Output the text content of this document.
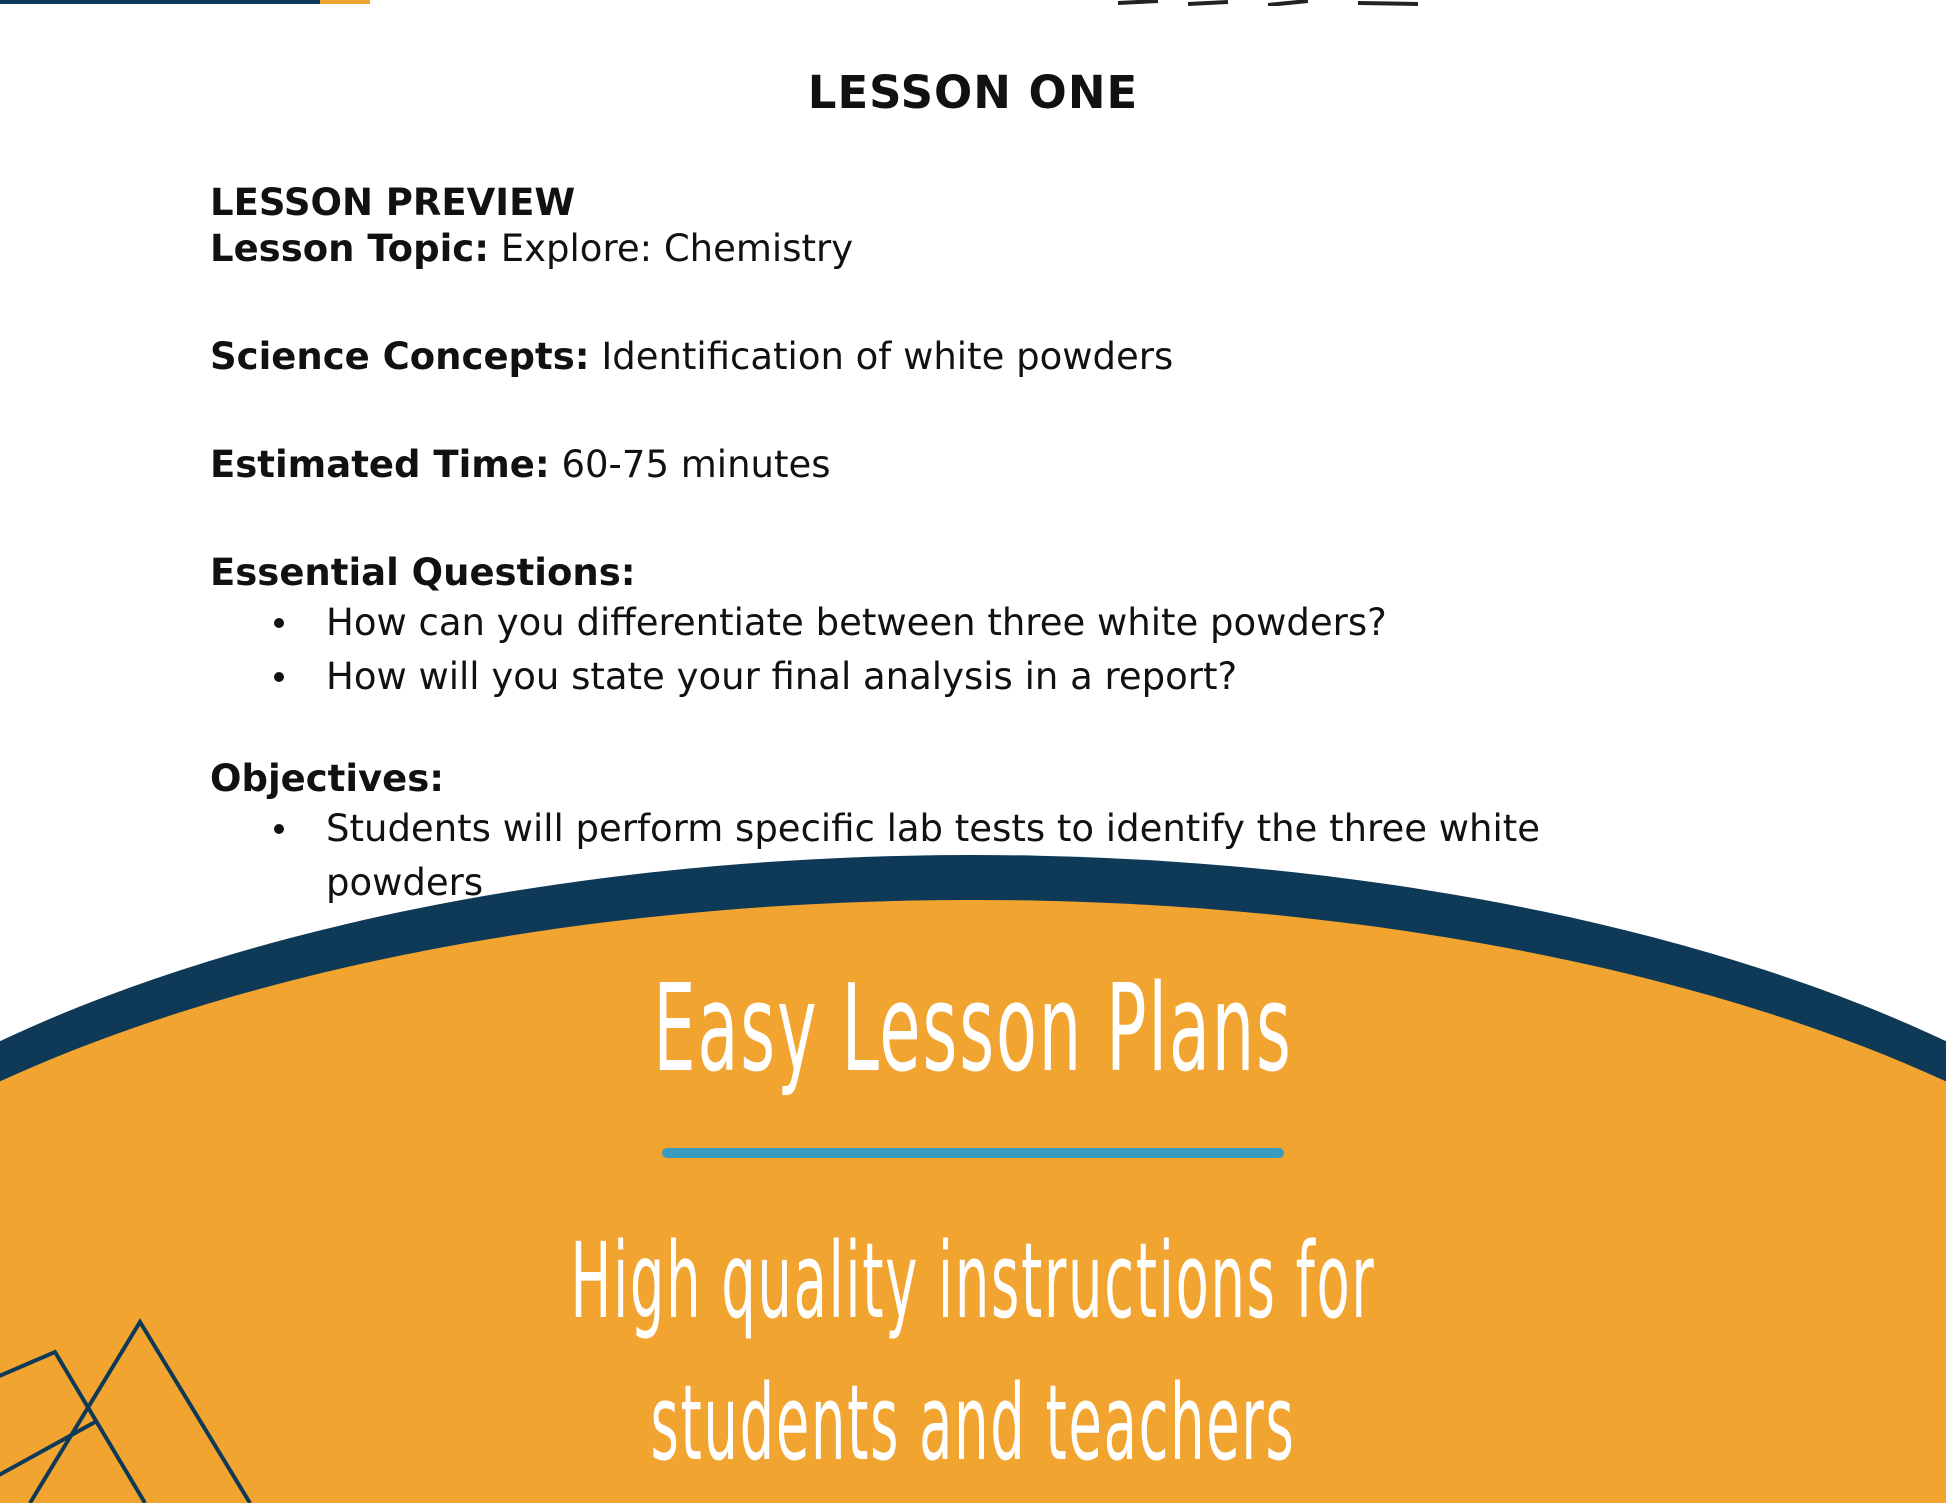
LESSON ONE
LESSON PREVIEW
Lesson Topic: Explore: Chemistry
Science Concepts: Identification of white powders
Estimated Time: 60-75 minutes
Essential Questions:
How can you differentiate between three white powders?
How will you state your final analysis in a report?
Objectives:
Students will perform specific lab tests to identify the three white
powders
Easy Lesson Plans
High quality instructions for
students and teachers
